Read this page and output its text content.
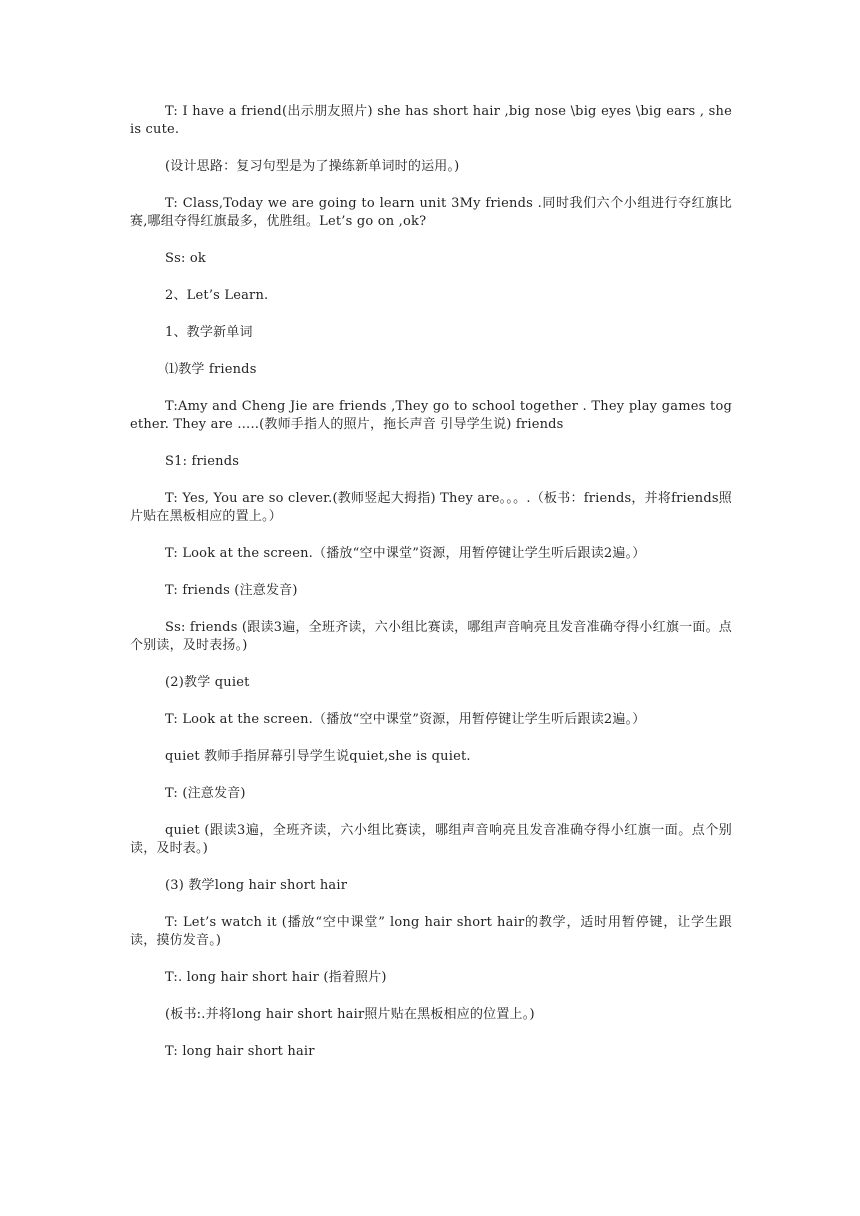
T: I have a friend(出示朋友照片) she has short hair ,big nose \big eyes \big ears , she is cute.

(设计思路：复习句型是为了操练新单词时的运用。)

T: Class,Today we are going to learn unit 3My friends .同时我们六个小组进行夺红旗比赛,哪组夺得红旗最多，优胜组。Let’s go on ,ok?

Ss: ok

2、Let’s Learn.

1、教学新单词

⑴教学 friends

T:Amy and Cheng Jie are friends ,They go to school together . They play games together. They are …..(教师手指人的照片，拖长声音 引导学生说) friends

S1: friends

T: Yes, You are so clever.(教师竖起大拇指) They are。。。.（板书：friends，并将friends照片贴在黑板相应的置上。）

T: Look at the screen.（播放“空中课堂”资源，用暂停键让学生听后跟读2遍。）

T: friends (注意发音)

Ss: friends (跟读3遍，全班齐读，六小组比赛读，哪组声音响亮且发音准确夺得小红旗一面。点个别读，及时表扬。)

(2)教学 quiet

T: Look at the screen.（播放“空中课堂”资源，用暂停键让学生听后跟读2遍。）

quiet 教师手指屏幕引导学生说quiet,she is quiet.

T: (注意发音)

quiet (跟读3遍，全班齐读，六小组比赛读，哪组声音响亮且发音准确夺得小红旗一面。点个别读，及时表。)

(3) 教学long hair short hair

T: Let’s watch it (播放“空中课堂” long hair short hair的教学，适时用暂停键，让学生跟读，摸仿发音。)

T:. long hair short hair (指着照片)

(板书:.并将long hair short hair照片贴在黑板相应的位置上。)

T: long hair short hair
